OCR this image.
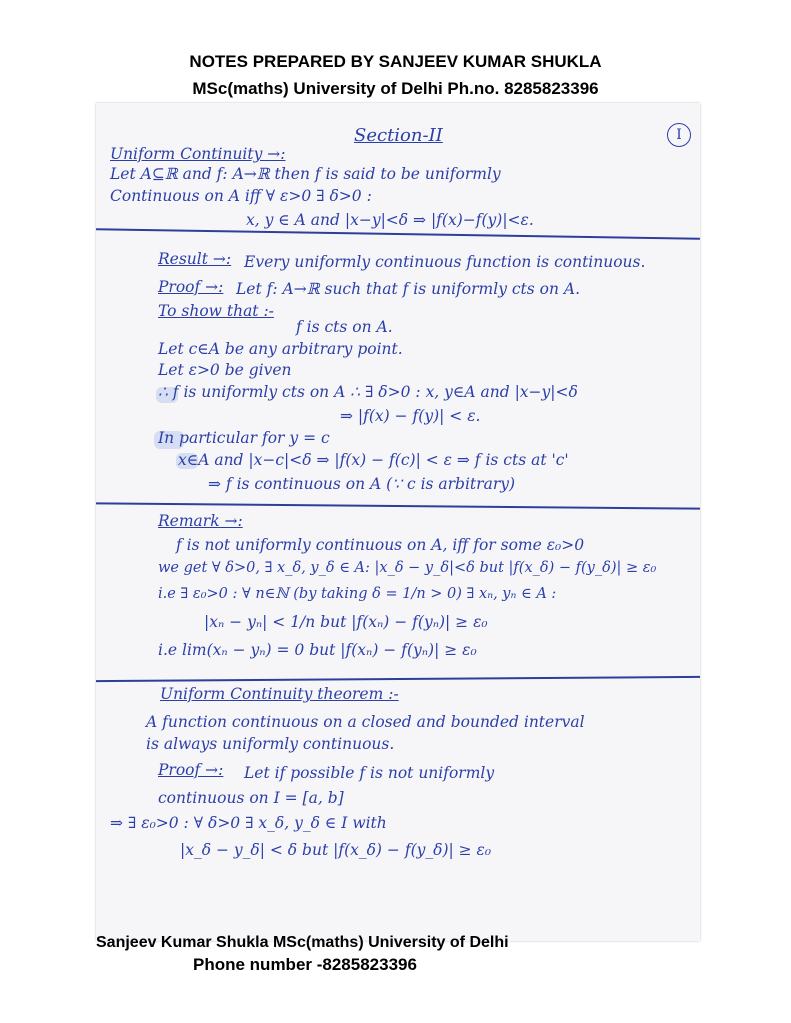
NOTES PREPARED BY SANJEEV KUMAR SHUKLA
MSc(maths) University of Delhi Ph.no. 8285823396
I
Section-II
Uniform Continuity →:
Let A⊆ℝ and f: A→ℝ then f is said to be uniformly
Continuous on A iff ∀ ε>0 ∃ δ>0 :
x, y ∈ A and |x−y|<δ ⇒ |f(x)−f(y)|<ε.
Result →: Every uniformly continuous function is continuous.
Proof →: Let f: A→ℝ such that f is uniformly cts on A.
To show that :-
f is cts on A.
Let c∈A be any arbitrary point.
Let ε>0 be given
∴ f is uniformly cts on A ∴ ∃ δ>0 : x, y∈A and |x−y|<δ
⇒ |f(x) − f(y)| < ε.
In particular for y = c
x∈A and |x−c|<δ ⇒ |f(x) − f(c)| < ε ⇒ f is cts at 'c'
⇒ f is continuous on A (∵ c is arbitrary)
Remark →:
f is not uniformly continuous on A, iff for some ε₀>0
we get ∀ δ>0, ∃ x_δ, y_δ ∈ A: |x_δ − y_δ|<δ but |f(x_δ) − f(y_δ)| ≥ ε₀
i.e ∃ ε₀>0 : ∀ n∈ℕ (by taking δ = 1/n > 0) ∃ xₙ, yₙ ∈ A :
|xₙ − yₙ| < 1/n but |f(xₙ) − f(yₙ)| ≥ ε₀
i.e lim(xₙ − yₙ) = 0 but |f(xₙ) − f(yₙ)| ≥ ε₀
Uniform Continuity theorem :-
A function continuous on a closed and bounded interval
is always uniformly continuous.
Proof →: Let if possible f is not uniformly
continuous on I = [a, b]
⇒ ∃ ε₀>0 : ∀ δ>0 ∃ x_δ, y_δ ∈ I with
|x_δ − y_δ| < δ but |f(x_δ) − f(y_δ)| ≥ ε₀
Sanjeev Kumar Shukla MSc(maths) University of Delhi
Phone number -8285823396
